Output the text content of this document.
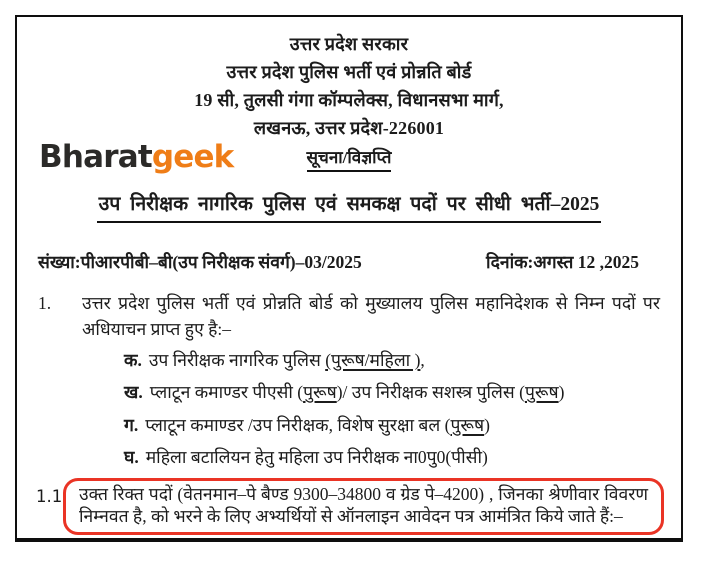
उत्तर प्रदेश सरकार

उत्तर प्रदेश पुलिस भर्ती एवं प्रोन्नति बोर्ड

19 सी, तुलसी गंगा कॉम्पलेक्स, विधानसभा मार्ग,

लखनऊ, उत्तर प्रदेश-226001

सूचना/विज्ञप्ति
Bharatgeek
उप निरीक्षक नागरिक पुलिस एवं समकक्ष पदों पर सीधी भर्ती–2025
संख्या:पीआरपीबी–बी(उप निरीक्षक संवर्ग)–03/2025	दिनांक:अगस्त 12 ,2025
1.	उत्तर प्रदेश पुलिस भर्ती एवं प्रोन्नति बोर्ड को मुख्यालय पुलिस महानिदेशक से निम्न पदों पर अधियाचन प्राप्त हुए है:–
क. उप निरीक्षक नागरिक पुलिस (पुरूष/महिला ),
ख. प्लाटून कमाण्डर पीएसी (पुरूष)/ उप निरीक्षक सशस्त्र पुलिस (पुरूष)
ग. प्लाटून कमाण्डर /उप निरीक्षक, विशेष सुरक्षा बल (पुरूष)
घ. महिला बटालियन हेतु महिला उप निरीक्षक ना0पु0(पीसी)
1.1 उक्त रिक्त पदों (वेतनमान–पे बैण्ड 9300–34800 व ग्रेड पे–4200) , जिनका श्रेणीवार विवरण निम्नवत है, को भरने के लिए अभ्यर्थियों से ऑनलाइन आवेदन पत्र आमंत्रित किये जाते हैं:–
